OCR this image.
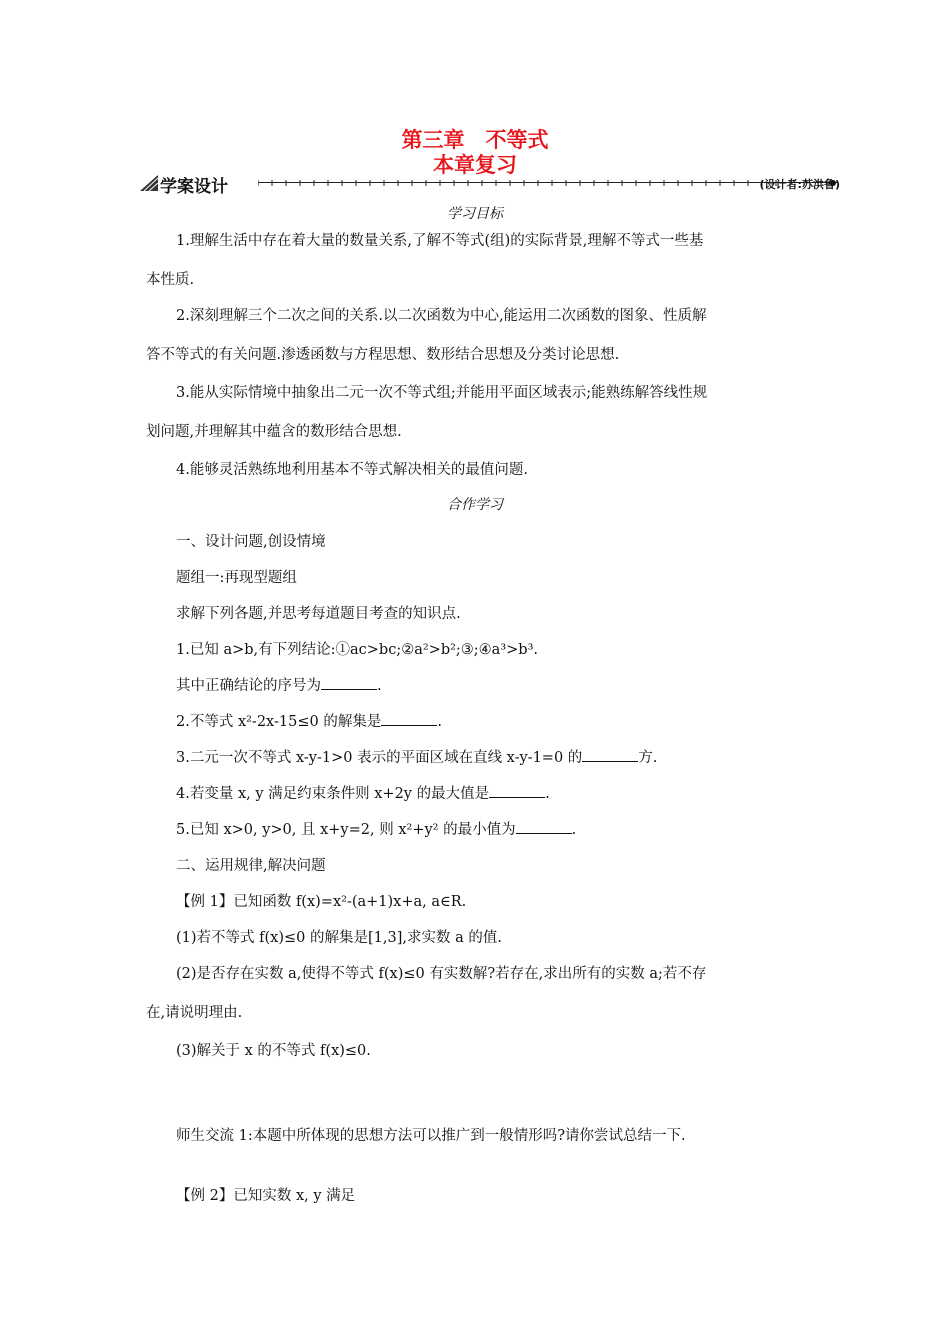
第三章　不等式
本章复习
学案设计	(设计者:苏洪鲁)
学习目标
1.理解生活中存在着大量的数量关系,了解不等式(组)的实际背景,理解不等式一些基
本性质.
2.深刻理解三个二次之间的关系.以二次函数为中心,能运用二次函数的图象、性质解
答不等式的有关问题.渗透函数与方程思想、数形结合思想及分类讨论思想.
3.能从实际情境中抽象出二元一次不等式组;并能用平面区域表示;能熟练解答线性规
划问题,并理解其中蕴含的数形结合思想.
4.能够灵活熟练地利用基本不等式解决相关的最值问题.
合作学习
一、设计问题,创设情境
题组一:再现型题组
求解下列各题,并思考每道题目考查的知识点.
1.已知 a>b,有下列结论:①ac>bc;②a²>b²;③;④a³>b³.
其中正确结论的序号为	.
2.不等式 x²-2x-15≤0 的解集是	.
3.二元一次不等式 x-y-1>0 表示的平面区域在直线 x-y-1=0 的	方.
4.若变量 x, y 满足约束条件则 x+2y 的最大值是	.
5.已知 x>0, y>0, 且 x+y=2, 则 x²+y² 的最小值为	.
二、运用规律,解决问题
【例 1】已知函数 f(x)=x²-(a+1)x+a, a∈R.
(1)若不等式 f(x)≤0 的解集是[1,3],求实数 a 的值.
(2)是否存在实数 a,使得不等式 f(x)≤0 有实数解?若存在,求出所有的实数 a;若不存
在,请说明理由.
(3)解关于 x 的不等式 f(x)≤0.
师生交流 1:本题中所体现的思想方法可以推广到一般情形吗?请你尝试总结一下.
【例 2】已知实数 x, y 满足
